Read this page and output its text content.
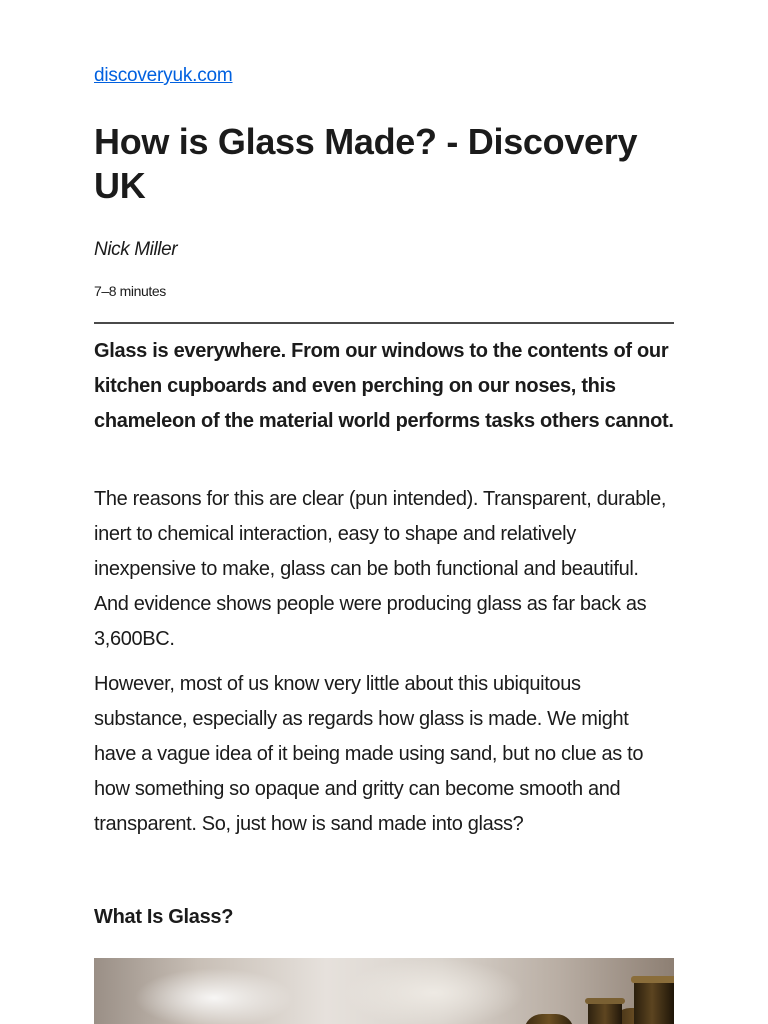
discoveryuk.com
How is Glass Made? - Discovery UK
Nick Miller
7–8 minutes

Glass is everywhere. From our windows to the contents of our kitchen cupboards and even perching on our noses, this chameleon of the material world performs tasks others cannot.

The reasons for this are clear (pun intended). Transparent, durable, inert to chemical interaction, easy to shape and relatively inexpensive to make, glass can be both functional and beautiful. And evidence shows people were producing glass as far back as 3,600BC.

However, most of us know very little about this ubiquitous substance, especially as regards how glass is made. We might have a vague idea of it being made using sand, but no clue as to how something so opaque and gritty can become smooth and transparent. So, just how is sand made into glass?

What Is Glass?
